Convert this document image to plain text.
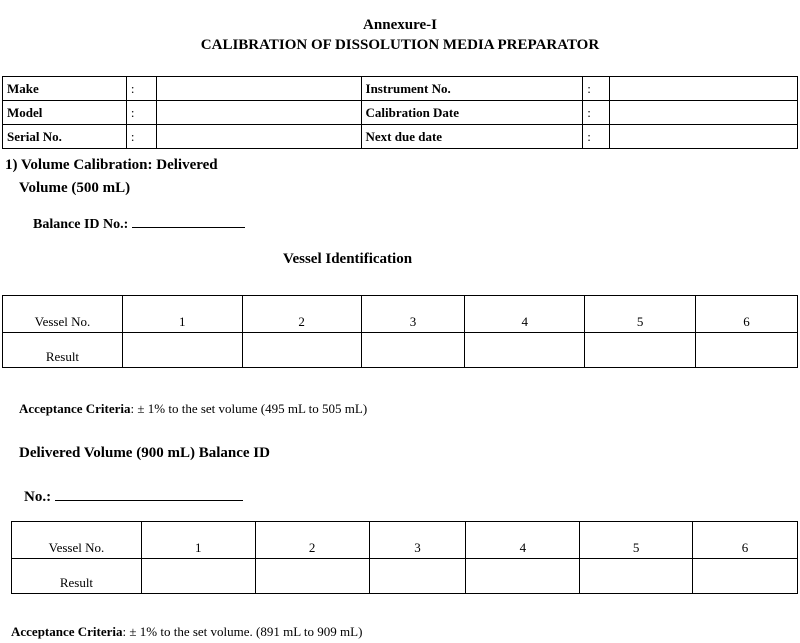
Annexure-I
CALIBRATION OF DISSOLUTION MEDIA PREPARATOR
Make	:		Instrument No.	:	
Model	:		Calibration Date	:	
Serial No.	:		Next due date	:	
1) Volume Calibration: Delivered
Volume (500 mL)
Balance ID No.:
Vessel Identification
Vessel No.	1	2	3	4	5	6
Result						
Acceptance Criteria: ± 1% to the set volume (495 mL to 505 mL)
Delivered Volume (900 mL) Balance ID
No.:
Vessel No.	1	2	3	4	5	6
Result						
Acceptance Criteria: ± 1% to the set volume. (891 mL to 909 mL)
